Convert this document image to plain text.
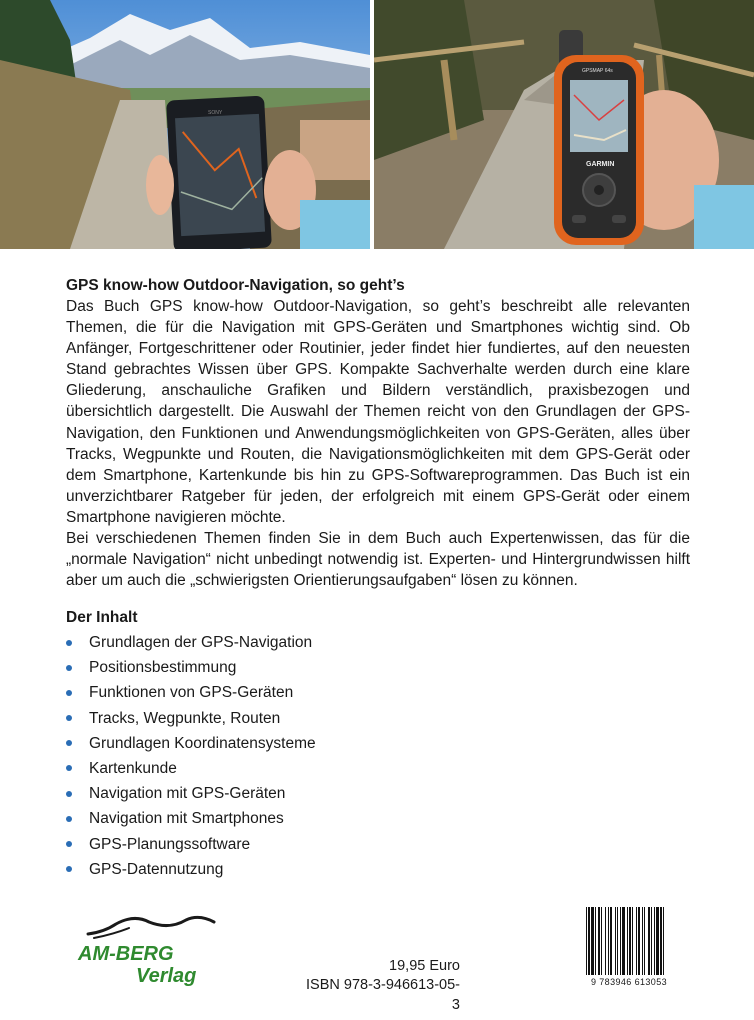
SONY
GPSMAP 64s
GARMIN
GPS know-how Outdoor-Navigation, so geht’s

Das Buch GPS know-how Outdoor-Navigation, so geht’s beschreibt alle relevanten Themen, die für die Navigation mit GPS-Geräten und Smartphones wichtig sind. Ob Anfänger, Fortgeschrittener oder Routinier, jeder findet hier fundiertes, auf den neuesten Stand gebrachtes Wissen über GPS. Kompakte Sachverhalte werden durch eine klare Gliederung, anschauliche Grafiken und Bildern verständlich, praxisbezogen und übersichtlich dargestellt. Die Auswahl der Themen reicht von den Grundlagen der GPS-Navigation, den Funktionen und Anwendungsmöglichkeiten von GPS-Geräten, alles über Tracks, Wegpunkte und Routen, die Navigationsmöglichkeiten mit dem GPS-Gerät oder dem Smartphone, Kartenkunde bis hin zu GPS-Softwareprogrammen. Das Buch ist ein unverzichtbarer Ratgeber für jeden, der erfolgreich mit einem GPS-Gerät oder einem Smartphone navigieren möchte.

Bei verschiedenen Themen finden Sie in dem Buch auch Expertenwissen, das für die „normale Navigation“ nicht unbedingt notwendig ist. Experten- und Hintergrundwissen hilft aber um auch die „schwierigsten Orientierungsaufgaben“ lösen zu können.

Der Inhalt
Grundlagen der GPS-Navigation
Positionsbestimmung
Funktionen von GPS-Geräten
Tracks, Wegpunkte, Routen
Grundlagen Koordinatensysteme
Kartenkunde
Navigation mit GPS-Geräten
Navigation mit Smartphones
GPS-Planungssoftware
GPS-Datennutzung
AM-BERG
Verlag	19,95 Euro
ISBN 978-3-946613-05-3
9 783946 613053
